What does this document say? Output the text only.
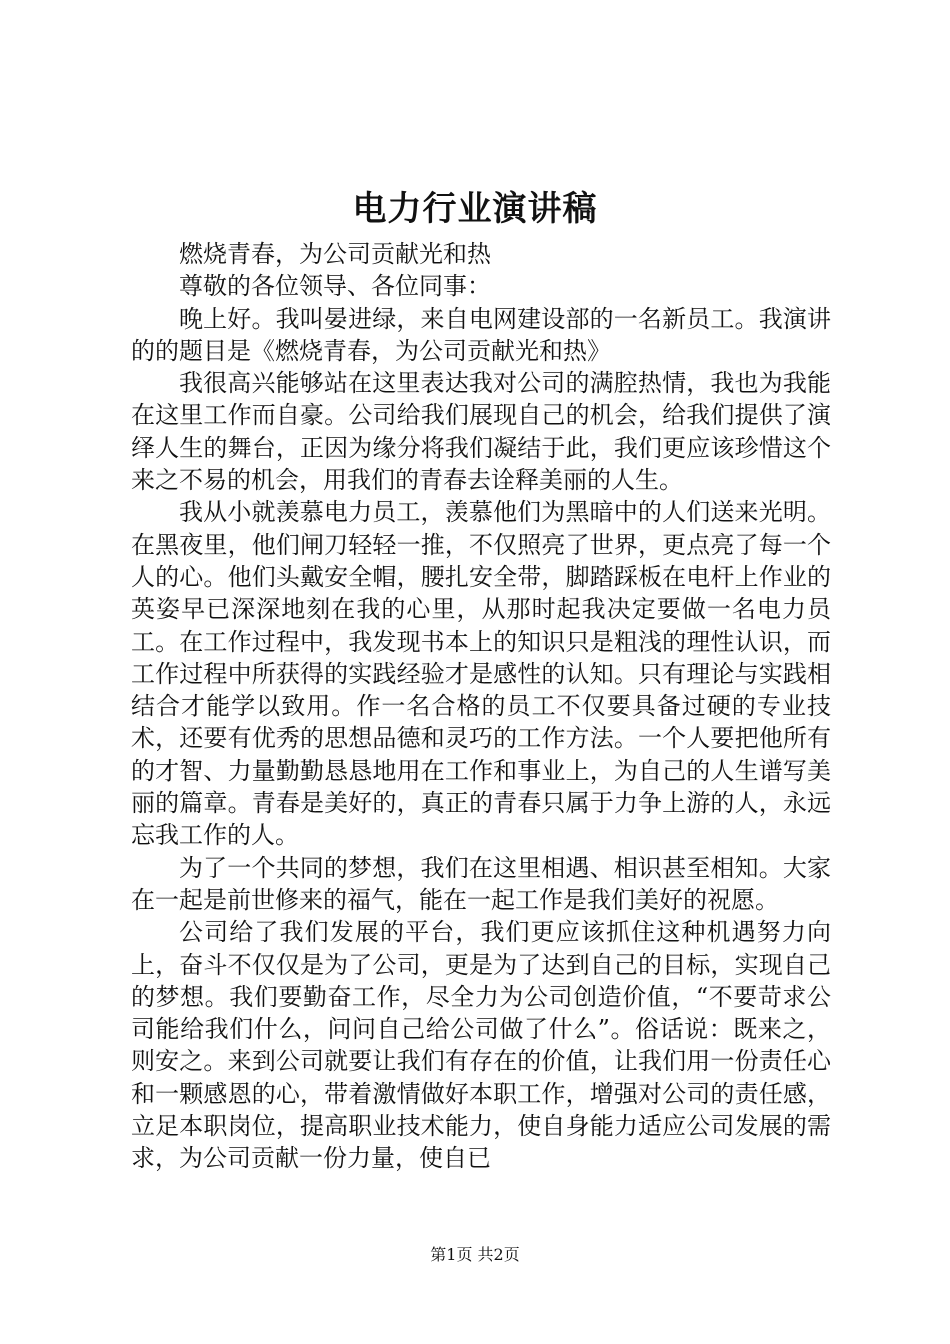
电力行业演讲稿

燃烧青春，为公司贡献光和热

尊敬的各位领导、各位同事：

晚上好。我叫晏进绿，来自电网建设部的一名新员工。我演讲的的题目是《燃烧青春，为公司贡献光和热》

我很高兴能够站在这里表达我对公司的满腔热情，我也为我能在这里工作而自豪。公司给我们展现自己的机会，给我们提供了演绎人生的舞台，正因为缘分将我们凝结于此，我们更应该珍惜这个来之不易的机会，用我们的青春去诠释美丽的人生。

我从小就羡慕电力员工，羡慕他们为黑暗中的人们送来光明。在黑夜里，他们闸刀轻轻一推，不仅照亮了世界，更点亮了每一个人的心。他们头戴安全帽，腰扎安全带，脚踏踩板在电杆上作业的英姿早已深深地刻在我的心里，从那时起我决定要做一名电力员工。在工作过程中，我发现书本上的知识只是粗浅的理性认识，而工作过程中所获得的实践经验才是感性的认知。只有理论与实践相结合才能学以致用。作一名合格的员工不仅要具备过硬的专业技术，还要有优秀的思想品德和灵巧的工作方法。一个人要把他所有的才智、力量勤勤恳恳地用在工作和事业上，为自己的人生谱写美丽的篇章。青春是美好的，真正的青春只属于力争上游的人，永远忘我工作的人。

为了一个共同的梦想，我们在这里相遇、相识甚至相知。大家在一起是前世修来的福气，能在一起工作是我们美好的祝愿。

公司给了我们发展的平台，我们更应该抓住这种机遇努力向上，奋斗不仅仅是为了公司，更是为了达到自己的目标，实现自己的梦想。我们要勤奋工作，尽全力为公司创造价值，“不要苛求公司能给我们什么，问问自己给公司做了什么”。俗话说：既来之，则安之。来到公司就要让我们有存在的价值，让我们用一份责任心和一颗感恩的心，带着激情做好本职工作，增强对公司的责任感，立足本职岗位，提高职业技术能力，使自身能力适应公司发展的需求，为公司贡献一份力量，使自已

第1页 共2页
